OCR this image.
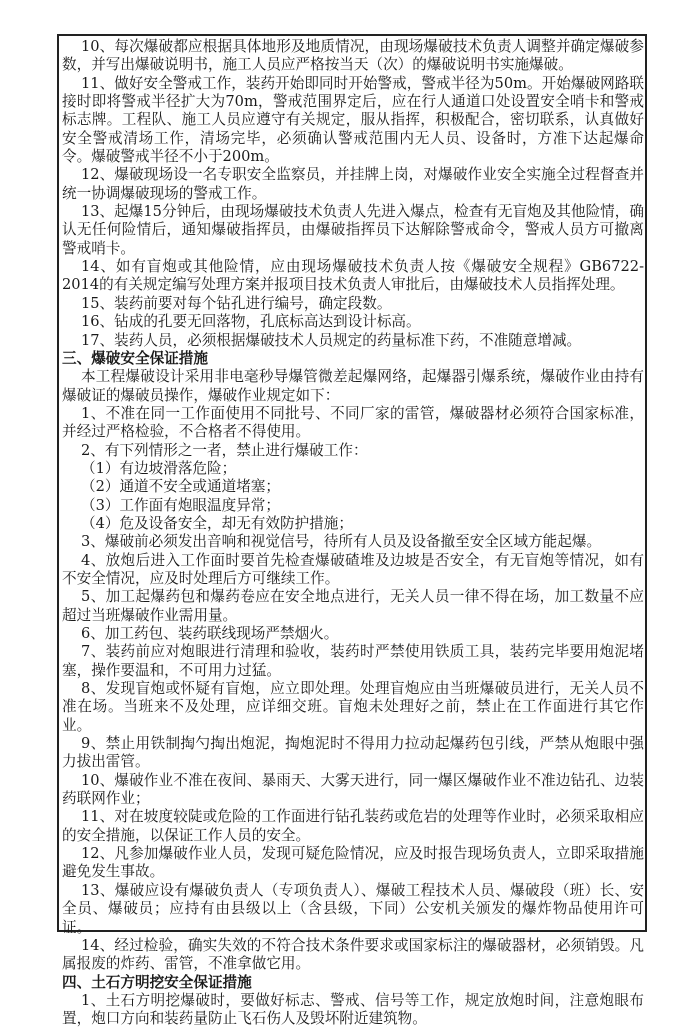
10、每次爆破都应根据具体地形及地质情况，由现场爆破技术负责人调整并确定爆破参数，并写出爆破说明书，施工人员应严格按当天（次）的爆破说明书实施爆破。

11、做好安全警戒工作，装药开始即同时开始警戒，警戒半径为50m。开始爆破网路联接时即将警戒半径扩大为70m，警戒范围界定后，应在行人通道口处设置安全哨卡和警戒标志牌。工程队、施工人员应遵守有关规定，服从指挥，积极配合，密切联系，认真做好安全警戒清场工作，清场完毕，必须确认警戒范围内无人员、设备时，方准下达起爆命令。爆破警戒半径不小于200m。

12、爆破现场设一名专职安全监察员，并挂牌上岗，对爆破作业安全实施全过程督查并统一协调爆破现场的警戒工作。

13、起爆15分钟后，由现场爆破技术负责人先进入爆点，检查有无盲炮及其他险情，确认无任何险情后，通知爆破指挥员，由爆破指挥员下达解除警戒命令，警戒人员方可撤离警戒哨卡。

14、如有盲炮或其他险情，应由现场爆破技术负责人按《爆破安全规程》GB6722-2014的有关规定编写处理方案并报项目技术负责人审批后，由爆破技术人员指挥处理。

15、装药前要对每个钻孔进行编号，确定段数。

16、钻成的孔要无回落物，孔底标高达到设计标高。

17、装药人员，必须根据爆破技术人员规定的药量标准下药，不准随意增减。

三、爆破安全保证措施

本工程爆破设计采用非电毫秒导爆管微差起爆网络，起爆器引爆系统，爆破作业由持有爆破证的爆破员操作，爆破作业规定如下：

1、不准在同一工作面使用不同批号、不同厂家的雷管，爆破器材必须符合国家标准，并经过严格检验，不合格者不得使用。

2、有下列情形之一者，禁止进行爆破工作：

（1）有边坡滑落危险；

（2）通道不安全或通道堵塞；

（3）工作面有炮眼温度异常；

（4）危及设备安全，却无有效防护措施；

3、爆破前必须发出音响和视觉信号，待所有人员及设备撤至安全区域方能起爆。

4、放炮后进入工作面时要首先检查爆破碴堆及边坡是否安全，有无盲炮等情况，如有不安全情况，应及时处理后方可继续工作。

5、加工起爆药包和爆药卷应在安全地点进行，无关人员一律不得在场，加工数量不应超过当班爆破作业需用量。

6、加工药包、装药联线现场严禁烟火。

7、装药前应对炮眼进行清理和验收，装药时严禁使用铁质工具，装药完毕要用炮泥堵塞，操作要温和，不可用力过猛。

8、发现盲炮或怀疑有盲炮，应立即处理。处理盲炮应由当班爆破员进行，无关人员不准在场。当班来不及处理，应详细交班。盲炮未处理好之前，禁止在工作面进行其它作业。

9、禁止用铁制掏勺掏出炮泥，掏炮泥时不得用力拉动起爆药包引线，严禁从炮眼中强力拔出雷管。

10、爆破作业不准在夜间、暴雨天、大雾天进行，同一爆区爆破作业不准边钻孔、边装药联网作业；

11、对在坡度较陡或危险的工作面进行钻孔装药或危岩的处理等作业时，必须采取相应的安全措施，以保证工作人员的安全。

12、凡参加爆破作业人员，发现可疑危险情况，应及时报告现场负责人，立即采取措施避免发生事故。

13、爆破应设有爆破负责人（专项负责人）、爆破工程技术人员、爆破段（班）长、安全员、爆破员；应持有由县级以上（含县级，下同）公安机关颁发的爆炸物品使用许可证。

14、经过检验，确实失效的不符合技术条件要求或国家标注的爆破器材，必须销毁。凡属报废的炸药、雷管，不准拿做它用。

四、土石方明挖安全保证措施

1、土石方明挖爆破时，要做好标志、警戒、信号等工作，规定放炮时间，注意炮眼布置，炮口方向和装药量防止飞石伤人及毁坏附近建筑物。
